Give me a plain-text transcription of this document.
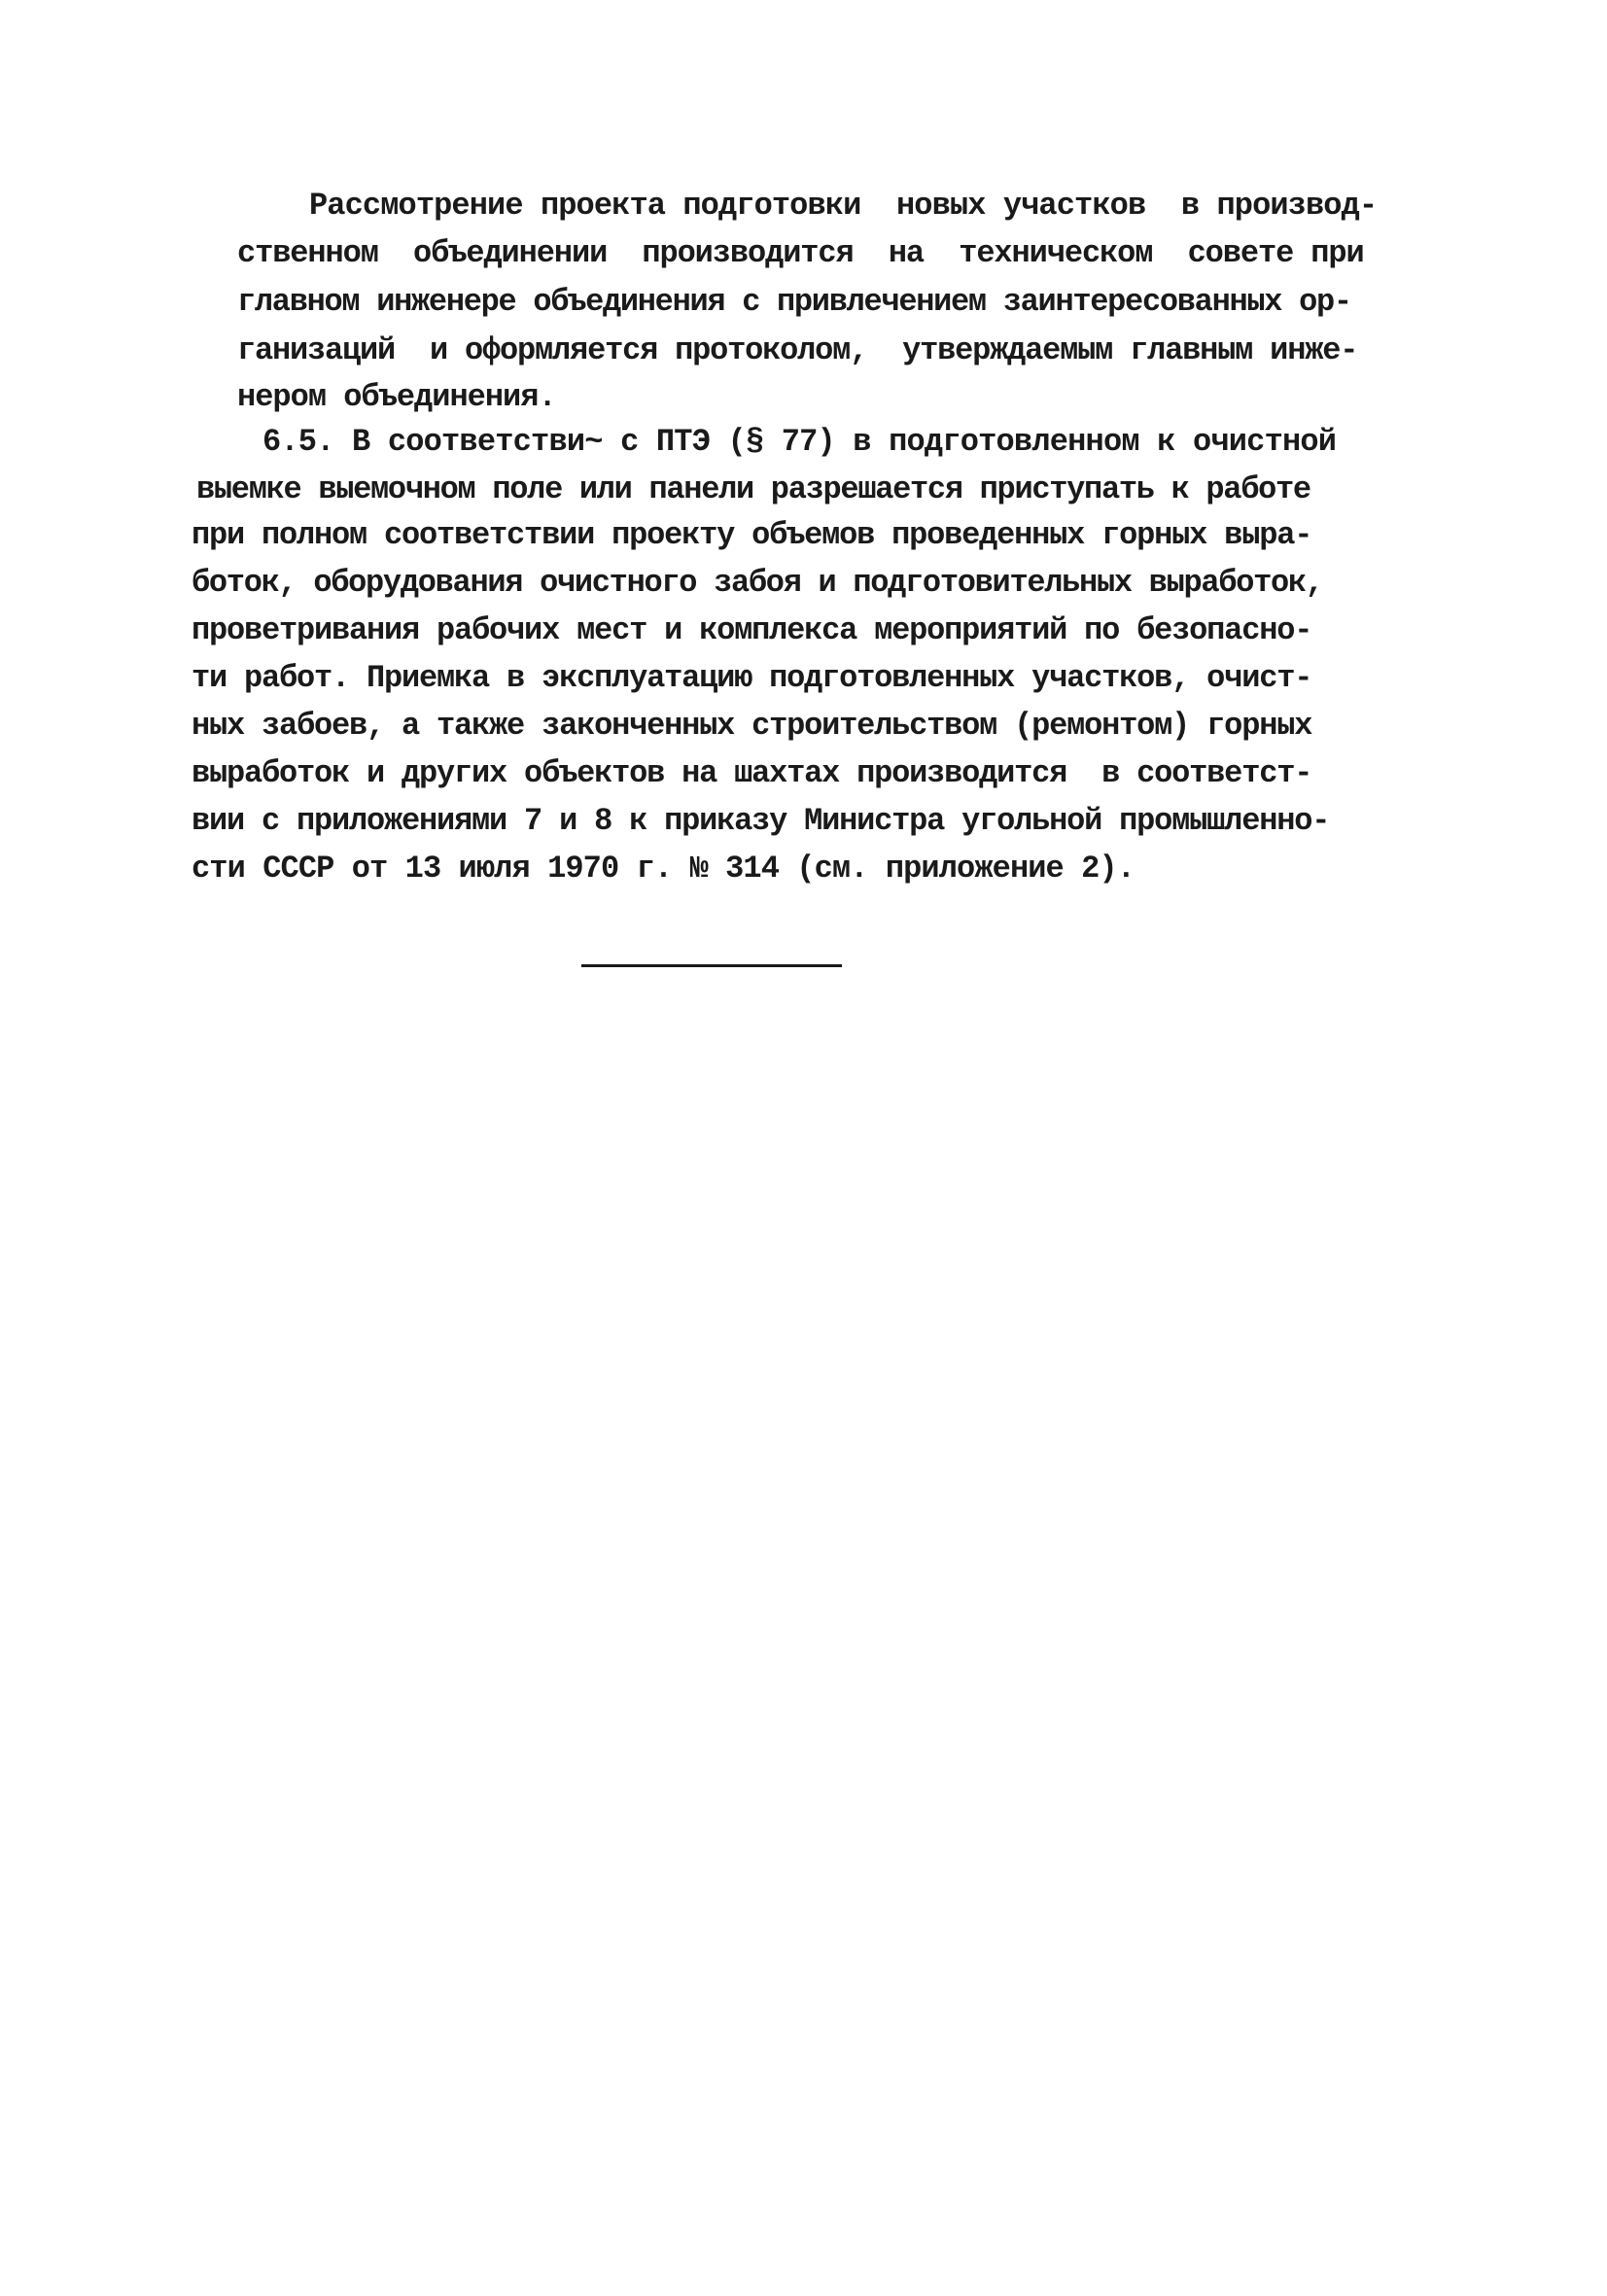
Рассмотрение проекта подготовки  новых участков  в производ-
ственном  объединении  производится  на  техническом  совете при
главном инженере объединения с привлечением заинтересованных ор-
ганизаций  и оформляется протоколом,  утверждаемым главным инже-
нером объединения.
6.5. В соответстви~ с ПТЭ (§ 77) в подготовленном к очистной
выемке выемочном поле или панели разрешается приступать к работе
при полном соответствии проекту объемов проведенных горных выра-
боток, оборудования очистного забоя и подготовительных выработок,
проветривания рабочих мест и комплекса мероприятий по безопасно-
ти работ. Приемка в эксплуатацию подготовленных участков, очист-
ных забоев, а также законченных строительством (ремонтом) горных
выработок и других объектов на шахтах производится  в соответст-
вии с приложениями 7 и 8 к приказу Министра угольной промышленно-
сти СССР от 13 июля 1970 г. № 314 (см. приложение 2).
